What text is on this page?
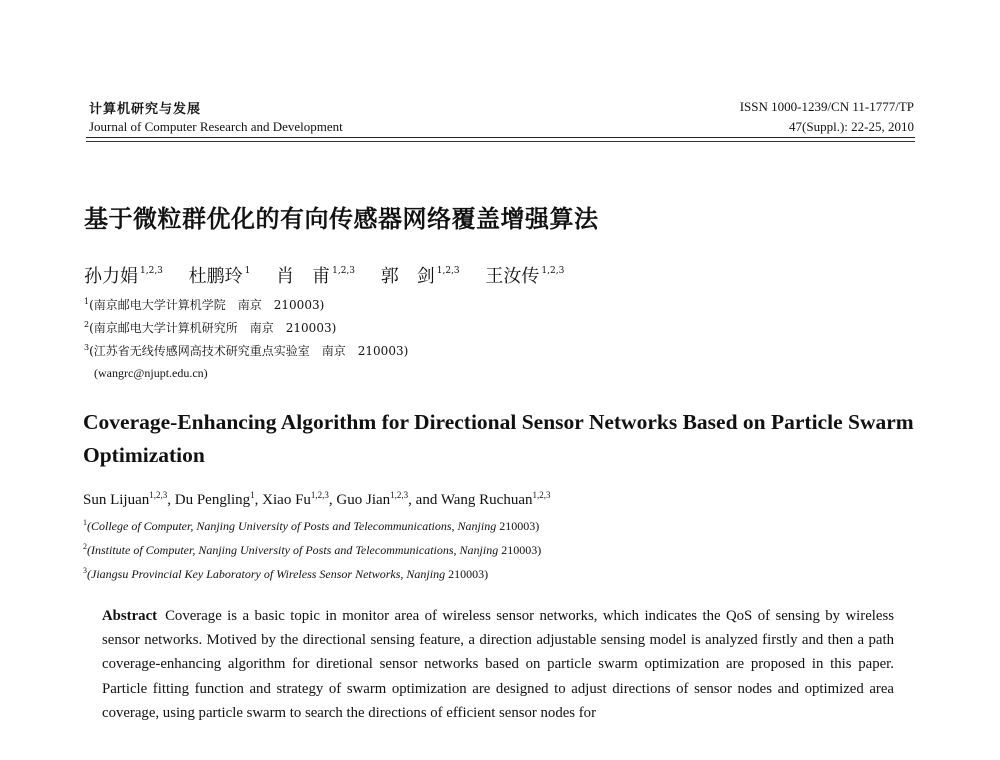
计算机研究与发展
Journal of Computer Research and Development
ISSN 1000-1239/CN 11-1777/TP
47(Suppl.): 22-25, 2010
基于微粒群优化的有向传感器网络覆盖增强算法
孙力娟 $^{1,2,3}$ 杜鹏玲 $^1$ 肖　甫 $^{1,2,3}$ 郭　剑 $^{1,2,3}$ 王汝传 $^{1,2,3}$
$^1$(南京邮电大学计算机学院　南京　210003)
$^2$(南京邮电大学计算机研究所　南京　210003)
$^3$(江苏省无线传感网高技术研究重点实验室　南京　210003)
(wangrc@njupt.edu.cn)
Coverage-Enhancing Algorithm for Directional Sensor Networks Based on Particle Swarm Optimization
Sun Lijuan$^{1,2,3}$, Du Pengling$^1$, Xiao Fu$^{1,2,3}$, Guo Jian$^{1,2,3}$, and Wang Ruchuan$^{1,2,3}$
$^1$(College of Computer, Nanjing University of Posts and Telecommunications, Nanjing 210003)
$^2$(Institute of Computer, Nanjing University of Posts and Telecommunications, Nanjing 210003)
$^3$(Jiangsu Provincial Key Laboratory of Wireless Sensor Networks, Nanjing 210003)
Abstract Coverage is a basic topic in monitor area of wireless sensor networks, which indicates the QoS of sensing by wireless sensor networks. Motived by the directional sensing feature, a direction adjustable sensing model is analyzed firstly and then a path coverage-enhancing algorithm for diretional sensor networks based on particle swarm optimization are proposed in this paper. Particle fitting function and strategy of swarm optimization are designed to adjust directions of sensor nodes and optimized area coverage, using particle swarm to search the directions of efficient sensor nodes for
